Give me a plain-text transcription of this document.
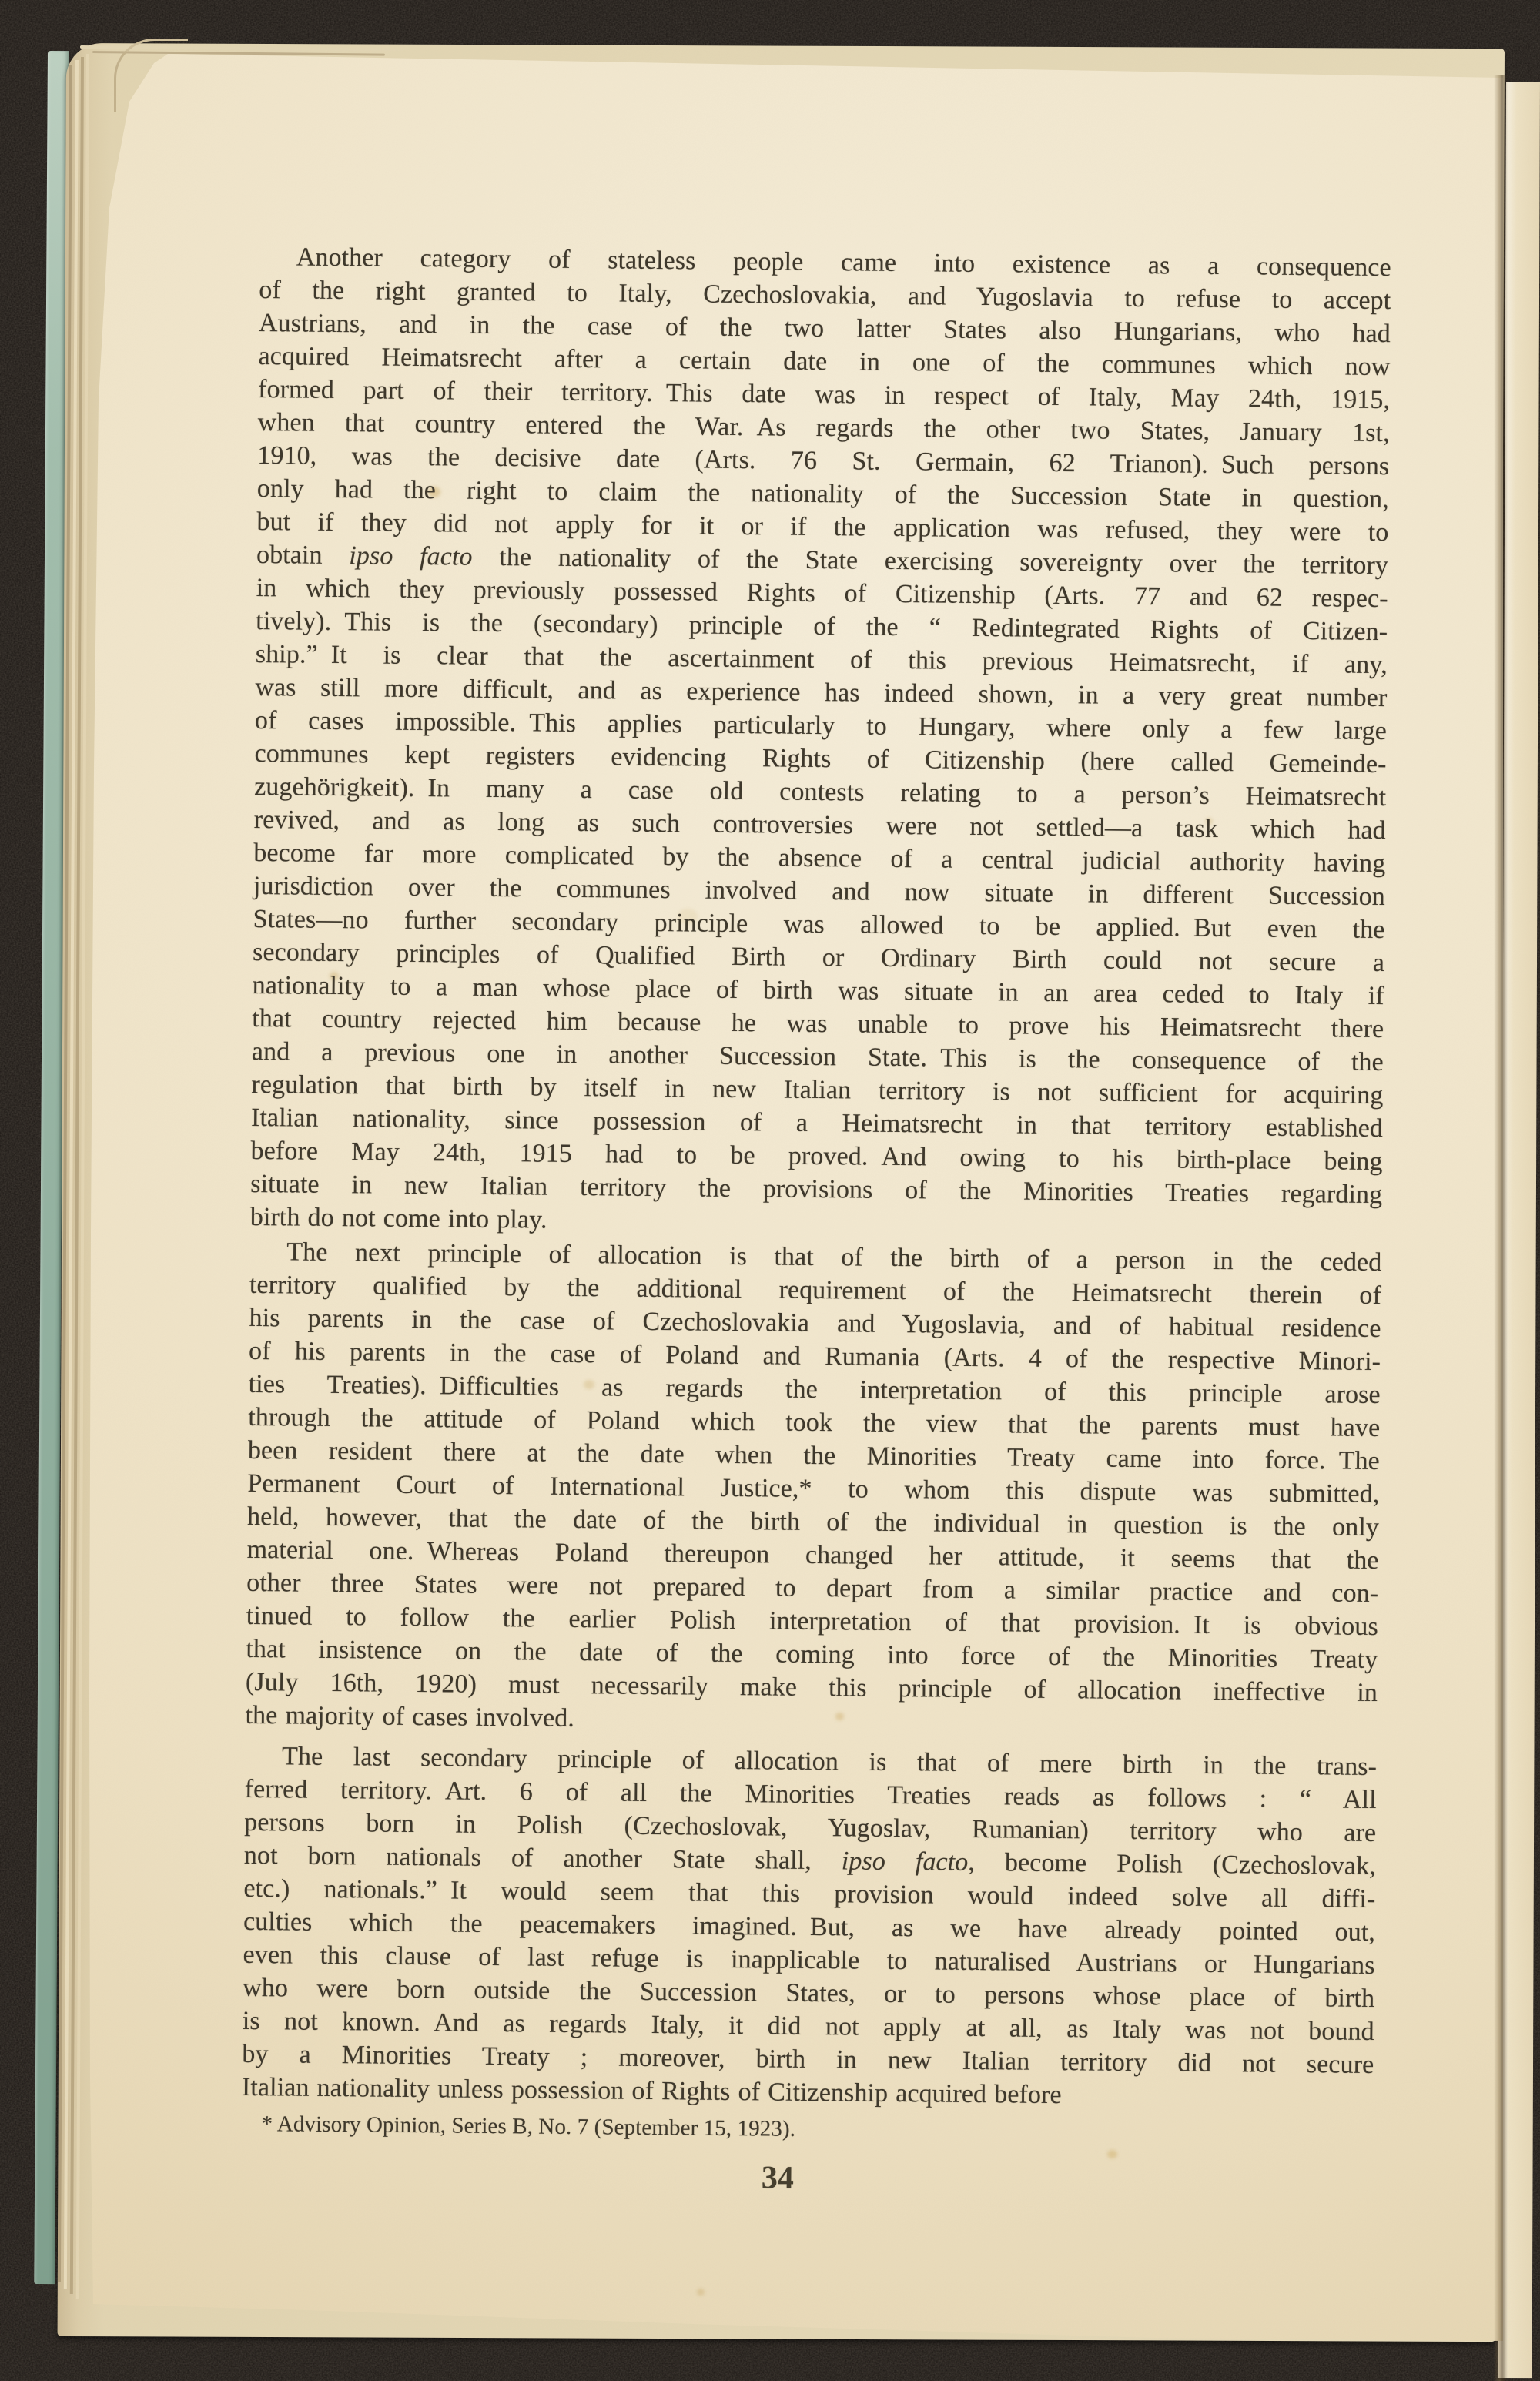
Another category of stateless people came into existence as a consequence
of the right granted to Italy, Czechoslovakia, and Yugoslavia to refuse to accept
Austrians, and in the case of the two latter States also Hungarians, who had
acquired Heimatsrecht after a certain date in one of the communes which now
formed part of their territory. This date was in respect of Italy, May 24th, 1915,
when that country entered the War. As regards the other two States, January 1st,
1910, was the decisive date (Arts. 76 St. Germain, 62 Trianon). Such persons
only had the right to claim the nationality of the Succession State in question,
but if they did not apply for it or if the application was refused, they were to
obtain ipso facto the nationality of the State exercising sovereignty over the territory
in which they previously possessed Rights of Citizenship (Arts. 77 and 62 respec-
tively). This is the (secondary) principle of the “ Redintegrated Rights of Citizen-
ship.” It is clear that the ascertainment of this previous Heimatsrecht, if any,
was still more difficult, and as experience has indeed shown, in a very great number
of cases impossible. This applies particularly to Hungary, where only a few large
communes kept registers evidencing Rights of Citizenship (here called Gemeinde-
zugehörigkeit). In many a case old contests relating to a person’s Heimatsrecht
revived, and as long as such controversies were not settled—a task which had
become far more complicated by the absence of a central judicial authority having
jurisdiction over the communes involved and now situate in different Succession
States—no further secondary principle was allowed to be applied. But even the
secondary principles of Qualified Birth or Ordinary Birth could not secure a
nationality to a man whose place of birth was situate in an area ceded to Italy if
that country rejected him because he was unable to prove his Heimatsrecht there
and a previous one in another Succession State. This is the consequence of the
regulation that birth by itself in new Italian territory is not sufficient for acquiring
Italian nationality, since possession of a Heimatsrecht in that territory established
before May 24th, 1915 had to be proved. And owing to his birth-place being
situate in new Italian territory the provisions of the Minorities Treaties regarding
birth do not come into play.
The next principle of allocation is that of the birth of a person in the ceded
territory qualified by the additional requirement of the Heimatsrecht therein of
his parents in the case of Czechoslovakia and Yugoslavia, and of habitual residence
of his parents in the case of Poland and Rumania (Arts. 4 of the respective Minori-
ties Treaties). Difficulties as regards the interpretation of this principle arose
through the attitude of Poland which took the view that the parents must have
been resident there at the date when the Minorities Treaty came into force. The
Permanent Court of International Justice,* to whom this dispute was submitted,
held, however, that the date of the birth of the individual in question is the only
material one. Whereas Poland thereupon changed her attitude, it seems that the
other three States were not prepared to depart from a similar practice and con-
tinued to follow the earlier Polish interpretation of that provision. It is obvious
that insistence on the date of the coming into force of the Minorities Treaty
(July 16th, 1920) must necessarily make this principle of allocation ineffective in
the majority of cases involved.
The last secondary principle of allocation is that of mere birth in the trans-
ferred territory. Art. 6 of all the Minorities Treaties reads as follows : “ All
persons born in Polish (Czechoslovak, Yugoslav, Rumanian) territory who are
not born nationals of another State shall, ipso facto, become Polish (Czechoslovak,
etc.) nationals.” It would seem that this provision would indeed solve all diffi-
culties which the peacemakers imagined. But, as we have already pointed out,
even this clause of last refuge is inapplicable to naturalised Austrians or Hungarians
who were born outside the Succession States, or to persons whose place of birth
is not known. And as regards Italy, it did not apply at all, as Italy was not bound
by a Minorities Treaty ; moreover, birth in new Italian territory did not secure
Italian nationality unless possession of Rights of Citizenship acquired before
* Advisory Opinion, Series B, No. 7 (September 15, 1923).
34
